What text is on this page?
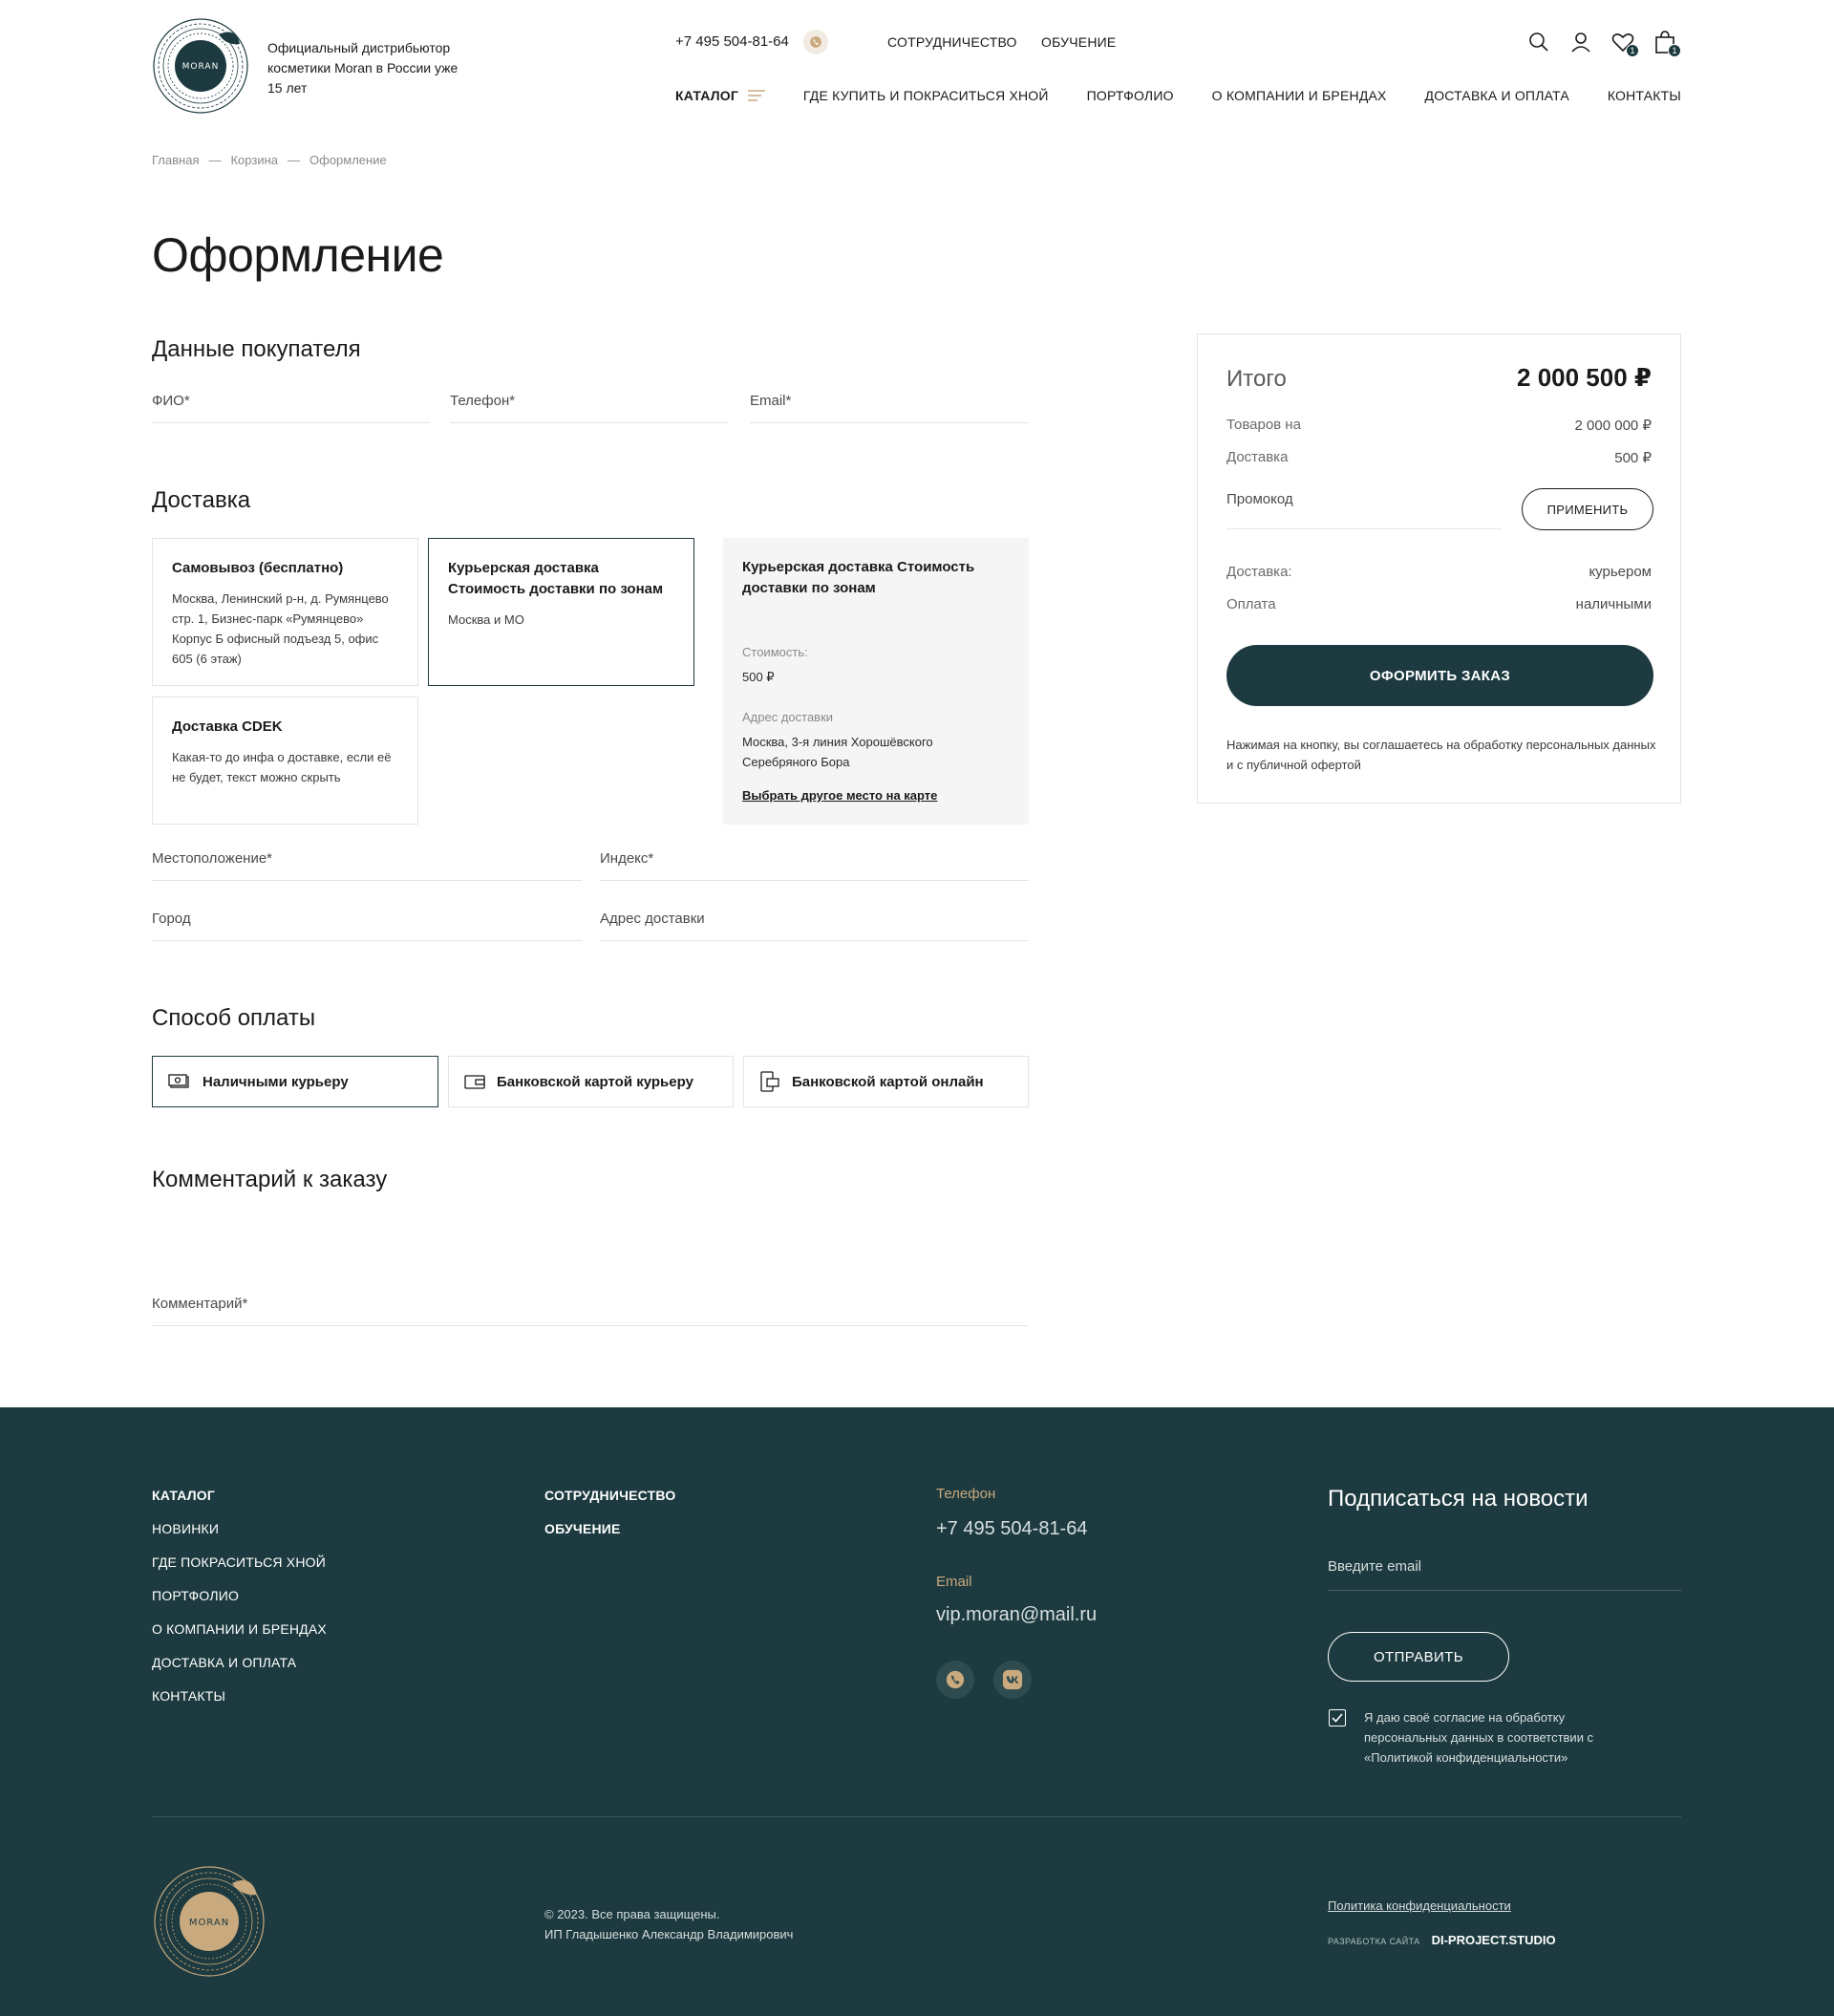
MORAN
Официальный дистрибьютор косметики Moran в России уже 15 лет
+7 495 504-81-64	СОТРУДНИЧЕСТВО ОБУЧЕНИЕ
КАТАЛОГ	ГДЕ КУПИТЬ И ПОКРАСИТЬСЯ ХНОЙ	ПОРТФОЛИО	О КОМПАНИИ И БРЕНДАХ	ДОСТАВКА И ОПЛАТА	КОНТАКТЫ
1	1
Главная — Корзина — Оформление
Оформление
Данные покупателя
ФИО*	Телефон*	Email*
Доставка
Самовывоз (бесплатно)
Москва, Ленинский р-н, д. Румянцево стр. 1, Бизнес-парк «Румянцево» Корпус Б офисный подъезд 5, офис 605 (6 этаж)
Курьерская доставка Стоимость доставки по зонам
Москва и МО
Доставка CDEK
Какая-то до инфа о доставке, если её не будет, текст можно скрыть
Курьерская доставка Стоимость доставки по зонам
Стоимость:
500 ₽
Адрес доставки
Москва, 3-я линия Хорошёвского Серебряного Бора
Выбрать другое место на карте
Местоположение*	Индекс*
Город	Адрес доставки
Способ оплаты
Наличными курьеру	Банковской картой курьеру	Банковской картой онлайн
Комментарий к заказу
Комментарий*
Итого	2 000 500 ₽
Товаров на	2 000 000 ₽
Доставка	500 ₽
Промокод
ПРИМЕНИТЬ
Доставка:	курьером
Оплата	наличными
ОФОРМИТЬ ЗАКАЗ
Нажимая на кнопку, вы соглашаетесь на обработку персональных данных и с публичной офертой
КАТАЛОГ
НОВИНКИ
ГДЕ ПОКРАСИТЬСЯ ХНОЙ
ПОРТФОЛИО
О КОМПАНИИ И БРЕНДАХ
ДОСТАВКА И ОПЛАТА
КОНТАКТЫ
СОТРУДНИЧЕСТВО
ОБУЧЕНИЕ
Телефон
+7 495 504-81-64
Email
vip.moran@mail.ru
Подписаться на новости
Введите email
ОТПРАВИТЬ
Я даю своё согласие на обработку персональных данных в соответствии с «Политикой конфиденциальности»
MORAN
© 2023. Все права защищены.
ИП Гладышенко Александр Владимирович
Политика конфиденциальности
РАЗРАБОТКА САЙТА DI-PROJECT.STUDIO
